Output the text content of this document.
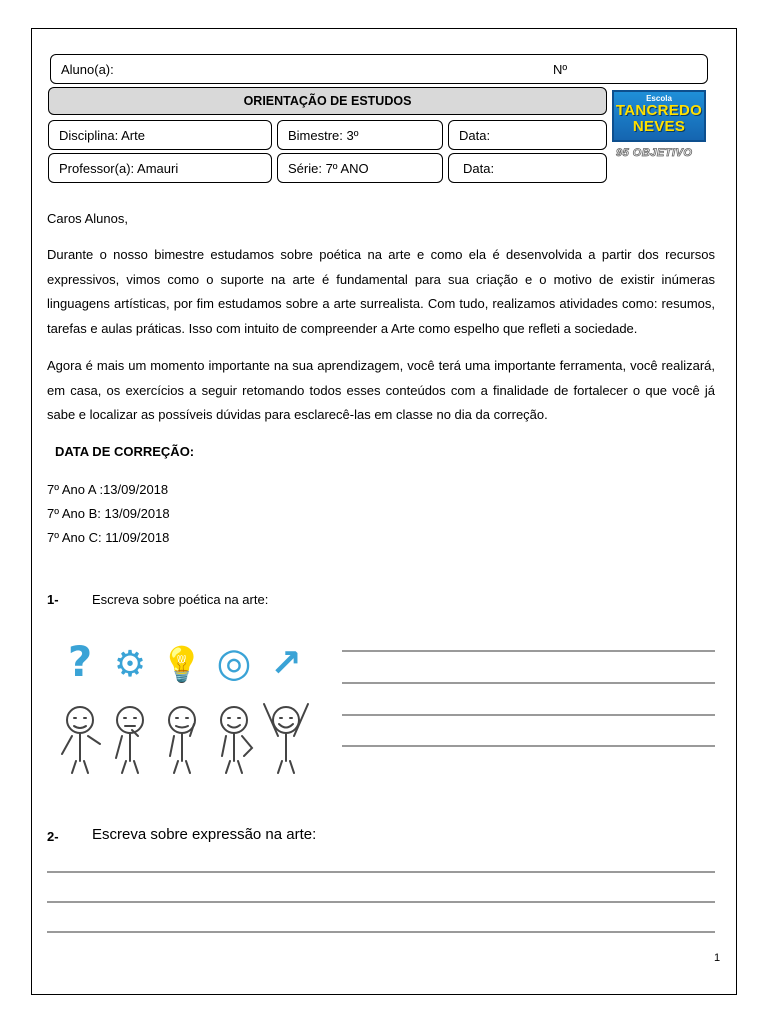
Aluno(a):	Nº
ORIENTAÇÃO DE ESTUDOS
Disciplina: Arte	Bimestre: 3º	Data:
Professor(a): Amauri	Série: 7º ANO	Data:
Escola
TANCREDO
NEVES
95 OBJETIVO
Caros Alunos,

Durante o nosso bimestre estudamos sobre poética na arte e como ela é desenvolvida a partir dos recursos expressivos, vimos como o suporte na arte é fundamental para sua criação e o motivo de existir inúmeras linguagens artísticas, por fim estudamos sobre a arte surrealista. Com tudo, realizamos atividades como: resumos, tarefas e aulas práticas. Isso com intuito de compreender a Arte como espelho que refleti a sociedade.

Agora é mais um momento importante na sua aprendizagem, você terá uma importante ferramenta, você realizará, em casa, os exercícios a seguir retomando todos esses conteúdos com a finalidade de fortalecer o que você já sabe e localizar as possíveis dúvidas para esclarecê-las em classe no dia da correção.

DATA DE CORREÇÃO:
7º Ano A :13/09/2018
7º Ano B: 13/09/2018
7º Ano C: 11/09/2018
1-	Escreva sobre poética na arte:
? ⚙ 💡 ◎ ↗
2- Escreva sobre expressão na arte:
1
